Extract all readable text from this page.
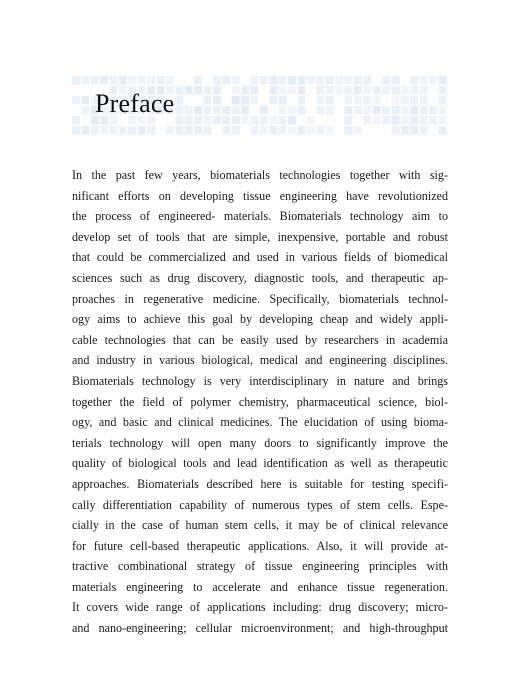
Preface
In the past few years, biomaterials technologies together with sig-
nificant efforts on developing tissue engineering have revolutionized
the process of engineered- materials. Biomaterials technology aim to
develop set of tools that are simple, inexpensive, portable and robust
that could be commercialized and used in various fields of biomedical
sciences such as drug discovery, diagnostic tools, and therapeutic ap-
proaches in regenerative medicine. Specifically, biomaterials technol-
ogy aims to achieve this goal by developing cheap and widely appli-
cable technologies that can be easily used by researchers in academia
and industry in various biological, medical and engineering disciplines.
Biomaterials technology is very interdisciplinary in nature and brings
together the field of polymer chemistry, pharmaceutical science, biol-
ogy, and basic and clinical medicines. The elucidation of using bioma-
terials technology will open many doors to significantly improve the
quality of biological tools and lead identification as well as therapeutic
approaches. Biomaterials described here is suitable for testing specifi-
cally differentiation capability of numerous types of stem cells. Espe-
cially in the case of human stem cells, it may be of clinical relevance
for future cell-based therapeutic applications. Also, it will provide at-
tractive combinational strategy of tissue engineering principles with
materials engineering to accelerate and enhance tissue regeneration.
It covers wide range of applications including: drug discovery; micro-
and nano-engineering; cellular microenvironment; and high-throughput
